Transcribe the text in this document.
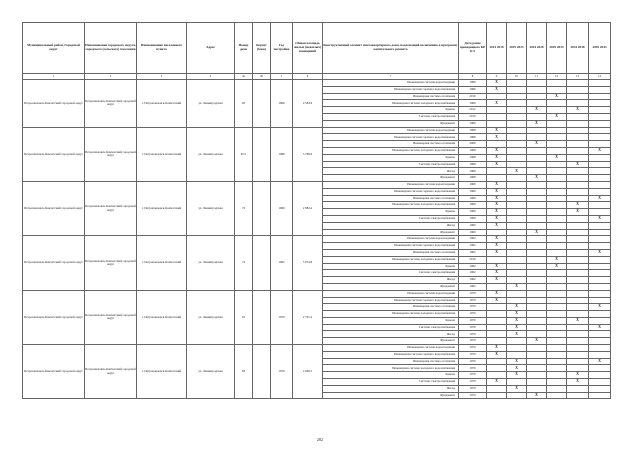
Муниципальный район, Городской округ	Наименование городского округа, городского (сельского) поселения	Наименование населенного пункта	Адрес	Номер дома	Корпус (блок)	Год постройки	Общая площадь жилых (нежилых) помещений	Конструктивный элемент многоквартирного дома, подлежащий включению в программу капитального ремонта	Дата ранее проведенного КР КЭ	2014 2018	2019 2023	2024 2028	2029 2033	2034 2038	2039 2043
1	2	3	4	4а	4б	5	6	7	8	9	10	11	12	13	14
Петропавловск-Камчатский городской округ	Петропавловск-Камчатский городской округ	г. Петропавловск-Камчатский	ул. Ленинградская	65		1966	4 584,9	Инженерная система водоотведения	1966	X					
								Инженерная система горячего водоснабжения	1966	X					
								Инженерная система отопления	2010				X		
								Инженерная система холодного водоснабжения	1966	X					
								Крыша	2012			X		X	
								Система электроснабжения	2010				X		
								Фундамент	1966			X			
Петропавловск-Камчатский городской округ	Петропавловск-Камчатский городской округ	г. Петропавловск-Камчатский	ул. Ленинградская	65/1		1968	5 798,6	Инженерная система водоотведения	1968	X					
								Инженерная система горячего водоснабжения	1968	X					
								Инженерная система отопления	2008			X			
								Инженерная система холодного водоснабжения	1968	X					X
								Крыша	1968	X			X		
								Система электроснабжения	1968	X				X	
								Фасад	1968		X				
								Фундамент	1968			X			
Петропавловск-Камчатский городской округ	Петропавловск-Камчатский городской округ	г. Петропавловск-Камчатский	ул. Ленинградская	72		1969	2 882,4	Инженерная система водоотведения	1969	X					
								Инженерная система горячего водоснабжения	1969	X					
								Инженерная система отопления	1969	X					X
								Инженерная система холодного водоснабжения	1969	X				X	
								Крыша	1969	X				X	
								Система электроснабжения	1969	X					X
								Фасад	1969	X					
								Фундамент	1969			X			
Петропавловск-Камчатский городской округ	Петропавловск-Камчатский городской округ	г. Петропавловск-Камчатский	ул. Ленинградская	74		1962	5 874,8	Инженерная система водоотведения	1962	X					
								Инженерная система горячего водоснабжения	1962	X					
								Инженерная система отопления	1962	X					X
								Инженерная система холодного водоснабжения	2010				X		
								Крыша	1962	X			X		
								Система электроснабжения	1962	X					
								Фасад	1962	X					
								Фундамент	1962		X				
Петропавловск-Камчатский городской округ	Петропавловск-Камчатский городской округ	г. Петропавловск-Камчатский	ул. Ленинградская	81		1970	2 701,2	Инженерная система водоотведения	1970	X					
								Инженерная система горячего водоснабжения	1970	X					
								Инженерная система отопления	1970		X				X
								Инженерная система холодного водоснабжения	1970		X				
								Крыша	1970		X			X	
								Система электроснабжения	1970		X				X
								Фасад	1970		X				
								Фундамент	1970			X			
Петропавловск-Камчатский городской округ	Петропавловск-Камчатский городской округ	г. Петропавловск-Камчатский	ул. Ленинградская	83		1970	2 669,5	Инженерная система водоотведения	1970	X					
								Инженерная система горячего водоснабжения	1970	X					
								Инженерная система отопления	1970		X				X
								Инженерная система холодного водоснабжения	1970		X				
								Крыша	1970		X			X	
								Система электроснабжения	1970	X				X	
								Фасад	1970		X				
								Фундамент	1970			X			
282
